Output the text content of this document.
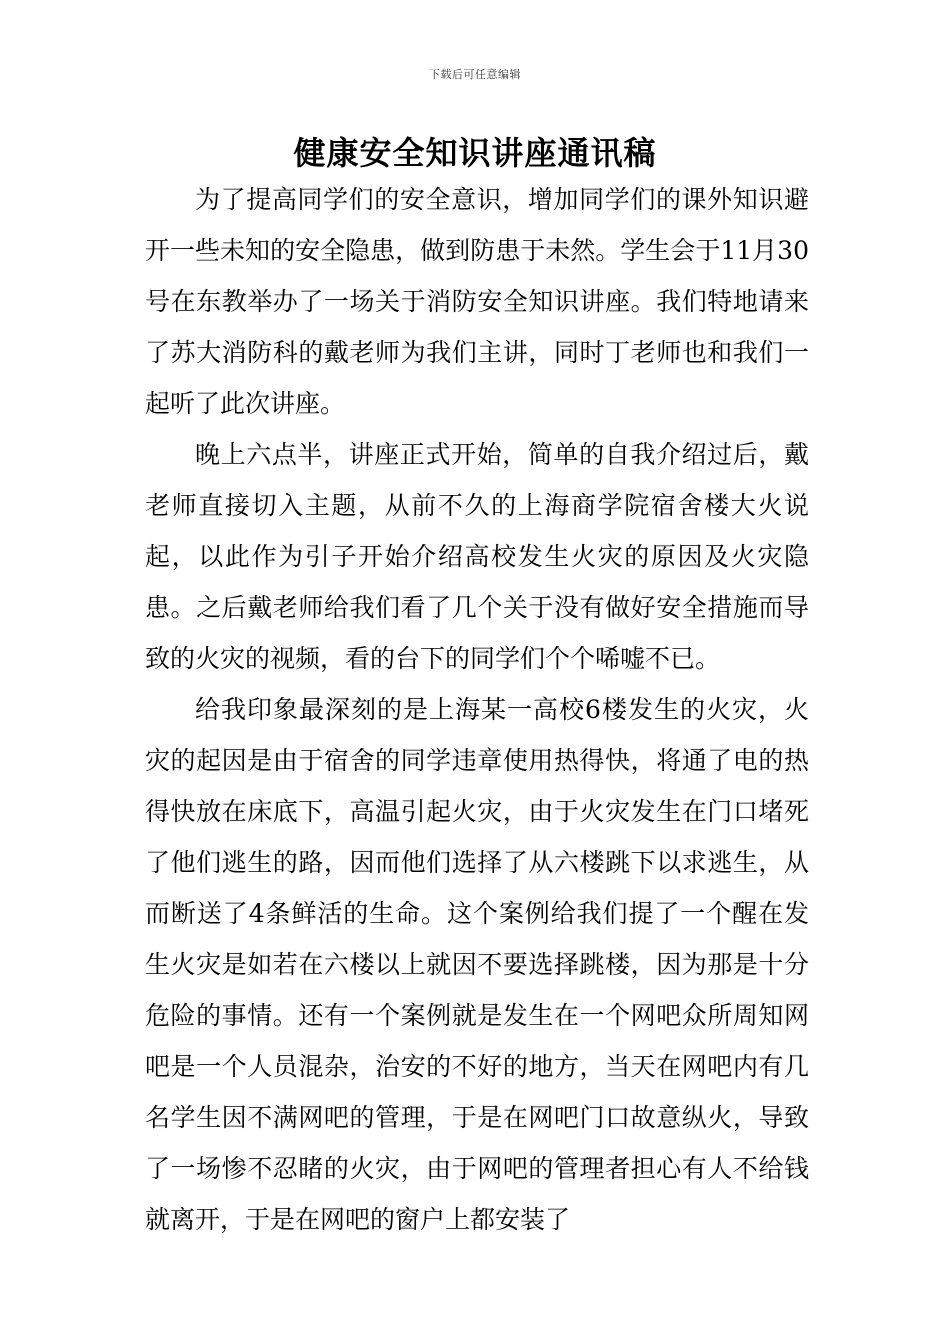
下载后可任意编辑
健康安全知识讲座通讯稿

为了提高同学们的安全意识，增加同学们的课外知识避开一些未知的安全隐患，做到防患于未然。学生会于11月30号在东教举办了一场关于消防安全知识讲座。我们特地请来了苏大消防科的戴老师为我们主讲，同时丁老师也和我们一起听了此次讲座。

晚上六点半，讲座正式开始，简单的自我介绍过后，戴老师直接切入主题，从前不久的上海商学院宿舍楼大火说起，以此作为引子开始介绍高校发生火灾的原因及火灾隐患。之后戴老师给我们看了几个关于没有做好安全措施而导致的火灾的视频，看的台下的同学们个个唏嘘不已。

给我印象最深刻的是上海某一高校6楼发生的火灾，火灾的起因是由于宿舍的同学违章使用热得快，将通了电的热得快放在床底下，高温引起火灾，由于火灾发生在门口堵死了他们逃生的路，因而他们选择了从六楼跳下以求逃生，从而断送了4条鲜活的生命。这个案例给我们提了一个醒在发生火灾是如若在六楼以上就因不要选择跳楼，因为那是十分危险的事情。还有一个案例就是发生在一个网吧众所周知网吧是一个人员混杂，治安的不好的地方，当天在网吧内有几名学生因不满网吧的管理，于是在网吧门口故意纵火，导致了一场惨不忍睹的火灾，由于网吧的管理者担心有人不给钱就离开，于是在网吧的窗户上都安装了
